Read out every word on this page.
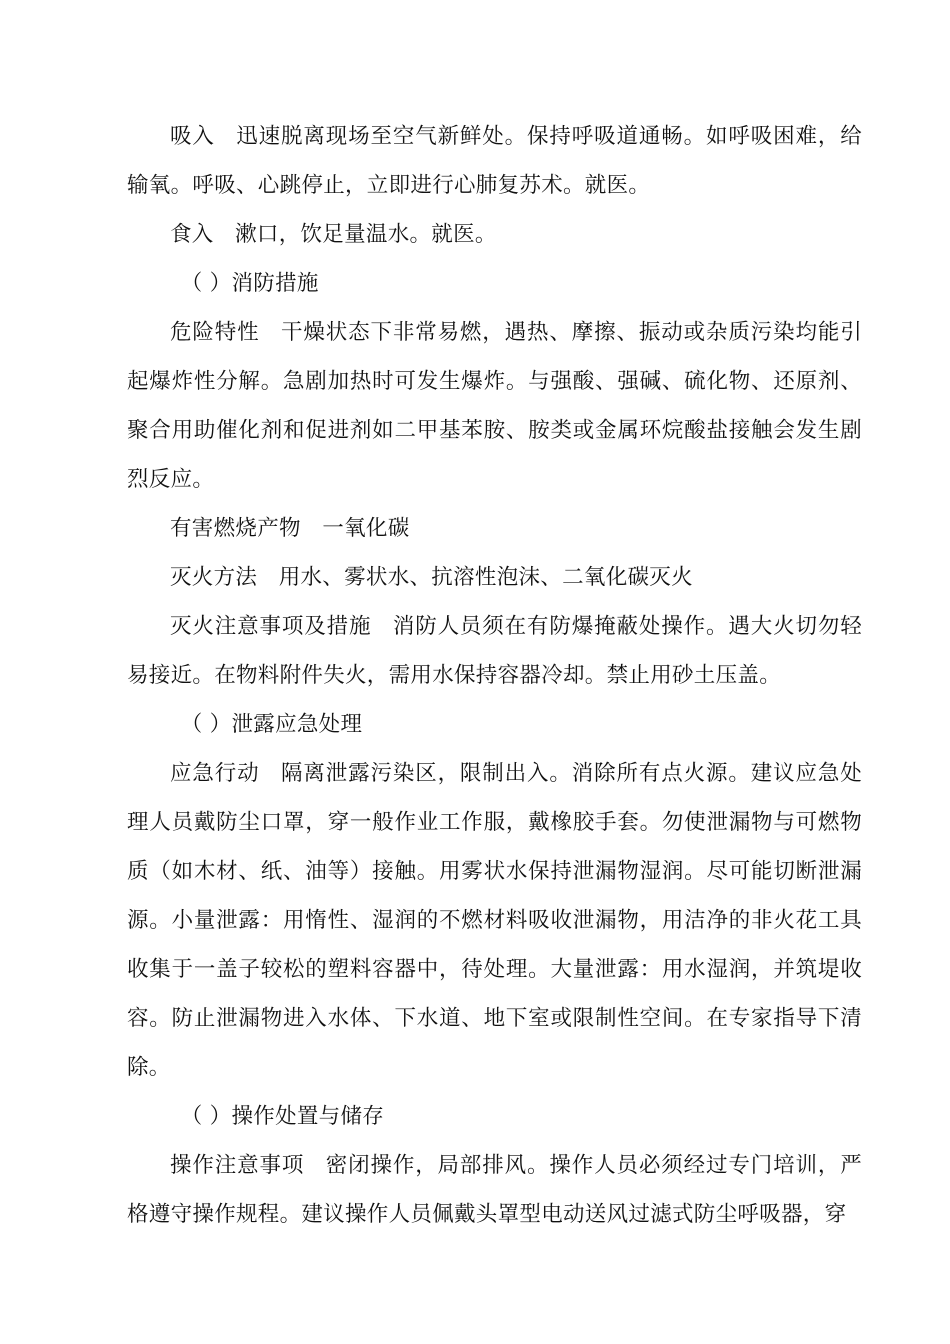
吸入 迅速脱离现场至空气新鲜处。保持呼吸道通畅。如呼吸困难，给输氧。呼吸、心跳停止，立即进行心肺复苏术。就医。

食入 漱口，饮足量温水。就医。

（ ）消防措施

危险特性 干燥状态下非常易燃，遇热、摩擦、振动或杂质污染均能引起爆炸性分解。急剧加热时可发生爆炸。与强酸、强碱、硫化物、还原剂、聚合用助催化剂和促进剂如二甲基苯胺、胺类或金属环烷酸盐接触会发生剧烈反应。

有害燃烧产物 一氧化碳

灭火方法 用水、雾状水、抗溶性泡沫、二氧化碳灭火

灭火注意事项及措施 消防人员须在有防爆掩蔽处操作。遇大火切勿轻易接近。在物料附件失火，需用水保持容器冷却。禁止用砂土压盖。

（ ）泄露应急处理

应急行动 隔离泄露污染区，限制出入。消除所有点火源。建议应急处理人员戴防尘口罩，穿一般作业工作服，戴橡胶手套。勿使泄漏物与可燃物质（如木材、纸、油等）接触。用雾状水保持泄漏物湿润。尽可能切断泄漏源。小量泄露：用惰性、湿润的不燃材料吸收泄漏物，用洁净的非火花工具收集于一盖子较松的塑料容器中，待处理。大量泄露：用水湿润，并筑堤收容。防止泄漏物进入水体、下水道、地下室或限制性空间。在专家指导下清除。

（ ）操作处置与储存

操作注意事项 密闭操作，局部排风。操作人员必须经过专门培训，严格遵守操作规程。建议操作人员佩戴头罩型电动送风过滤式防尘呼吸器，穿
